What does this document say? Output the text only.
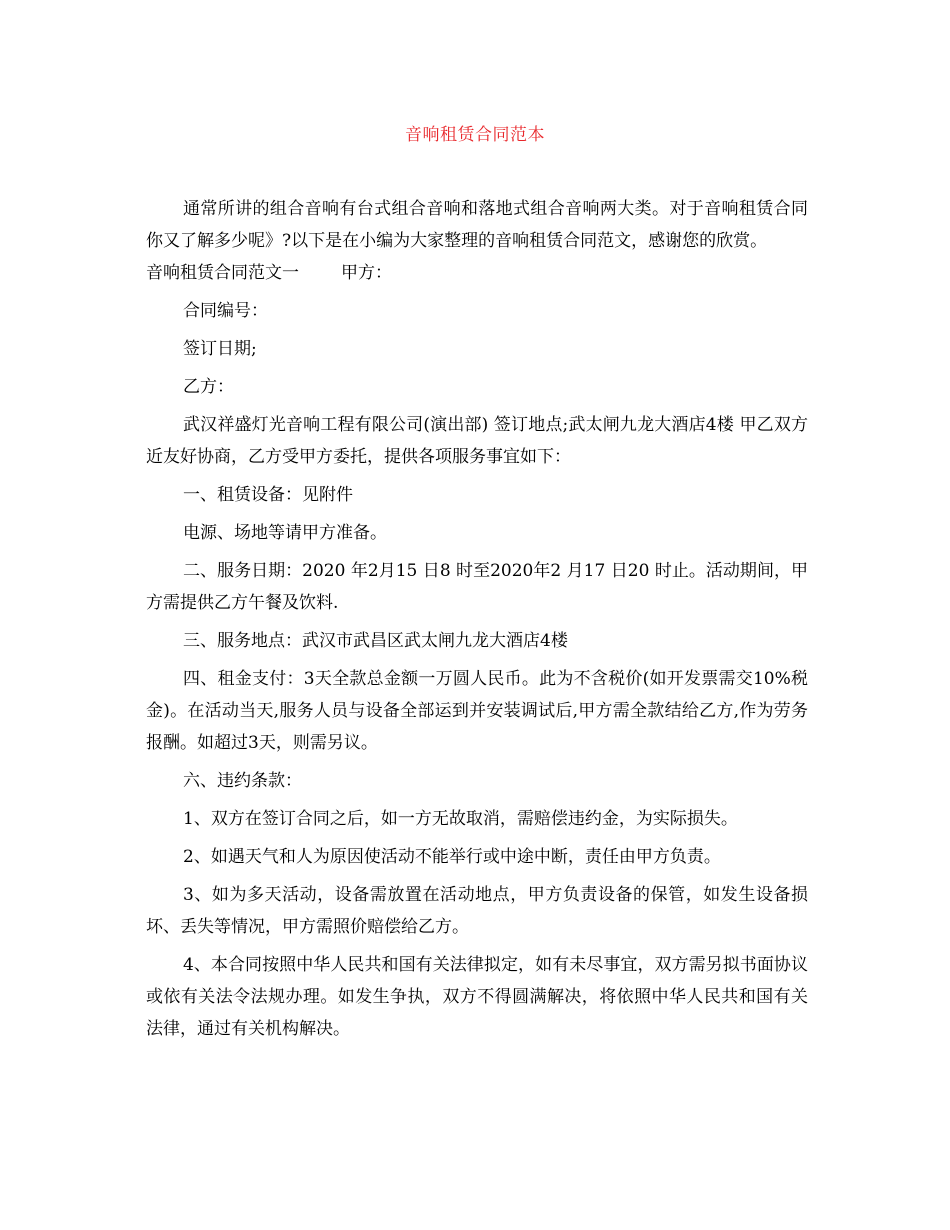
音响租赁合同范本

通常所讲的组合音响有台式组合音响和落地式组合音响两大类。对于音响租赁合同你又了解多少呢》?以下是在小编为大家整理的音响租赁合同范文，感谢您的欣赏。

音响租赁合同范文一 甲方：

合同编号：

签订日期;

乙方：

武汉祥盛灯光音响工程有限公司(演出部) 签订地点;武太闸九龙大酒店4楼 甲乙双方近友好协商，乙方受甲方委托，提供各项服务事宜如下：

一、租赁设备：见附件

电源、场地等请甲方准备。

二、服务日期：2020 年2月15 日8 时至2020年2 月17 日20 时止。活动期间，甲方需提供乙方午餐及饮料.

三、服务地点：武汉市武昌区武太闸九龙大酒店4楼

四、租金支付：3天全款总金额一万圆人民币。此为不含税价(如开发票需交10%税金)。在活动当天,服务人员与设备全部运到并安装调试后,甲方需全款结给乙方,作为劳务报酬。如超过3天，则需另议。

六、违约条款：

1、双方在签订合同之后，如一方无故取消，需赔偿违约金，为实际损失。

2、如遇天气和人为原因使活动不能举行或中途中断，责任由甲方负责。

3、如为多天活动，设备需放置在活动地点，甲方负责设备的保管，如发生设备损坏、丢失等情况，甲方需照价赔偿给乙方。

4、本合同按照中华人民共和国有关法律拟定，如有未尽事宜，双方需另拟书面协议或依有关法令法规办理。如发生争执，双方不得圆满解决，将依照中华人民共和国有关法律，通过有关机构解决。
